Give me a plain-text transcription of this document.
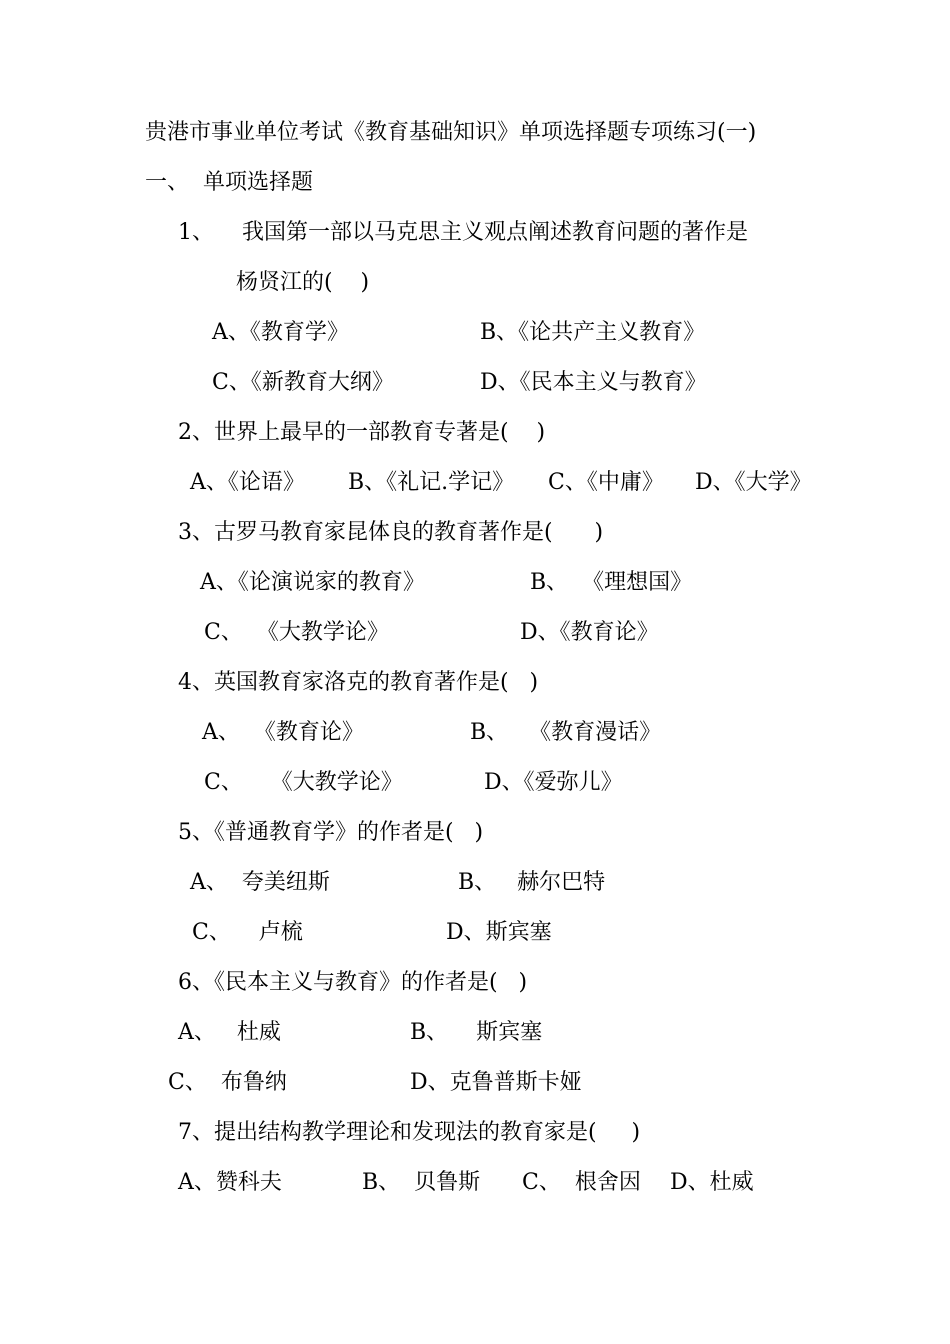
贵港市事业单位考试《教育基础知识》单项选择题专项练习(一)
一、  单项选择题
1、    我国第一部以马克思主义观点阐述教育问题的著作是
杨贤江的(    )
A、《教育学》	B、《论共产主义教育》
C、《新教育大纲》	D、《民本主义与教育》
2、世界上最早的一部教育专著是(    )
A、《论语》 B、《礼记.学记》 C、《中庸》 D、《大学》
3、古罗马教育家昆体良的教育著作是(      )
A、《论演说家的教育》	B、  《理想国》
C、  《大教学论》	D、《教育论》
4、英国教育家洛克的教育著作是(   )
A、  《教育论》	B、   《教育漫话》
C、    《大教学论》	D、《爱弥儿》
5、《普通教育学》的作者是(   )
A、  夸美纽斯	B、   赫尔巴特
C、    卢梳	D、斯宾塞
6、《民本主义与教育》的作者是(   )
A、   杜威	B、    斯宾塞
C、  布鲁纳	D、克鲁普斯卡娅
7、提出结构教学理论和发现法的教育家是(     )
A、赞科夫	B、  贝鲁斯 C、  根舍因 D、杜威
